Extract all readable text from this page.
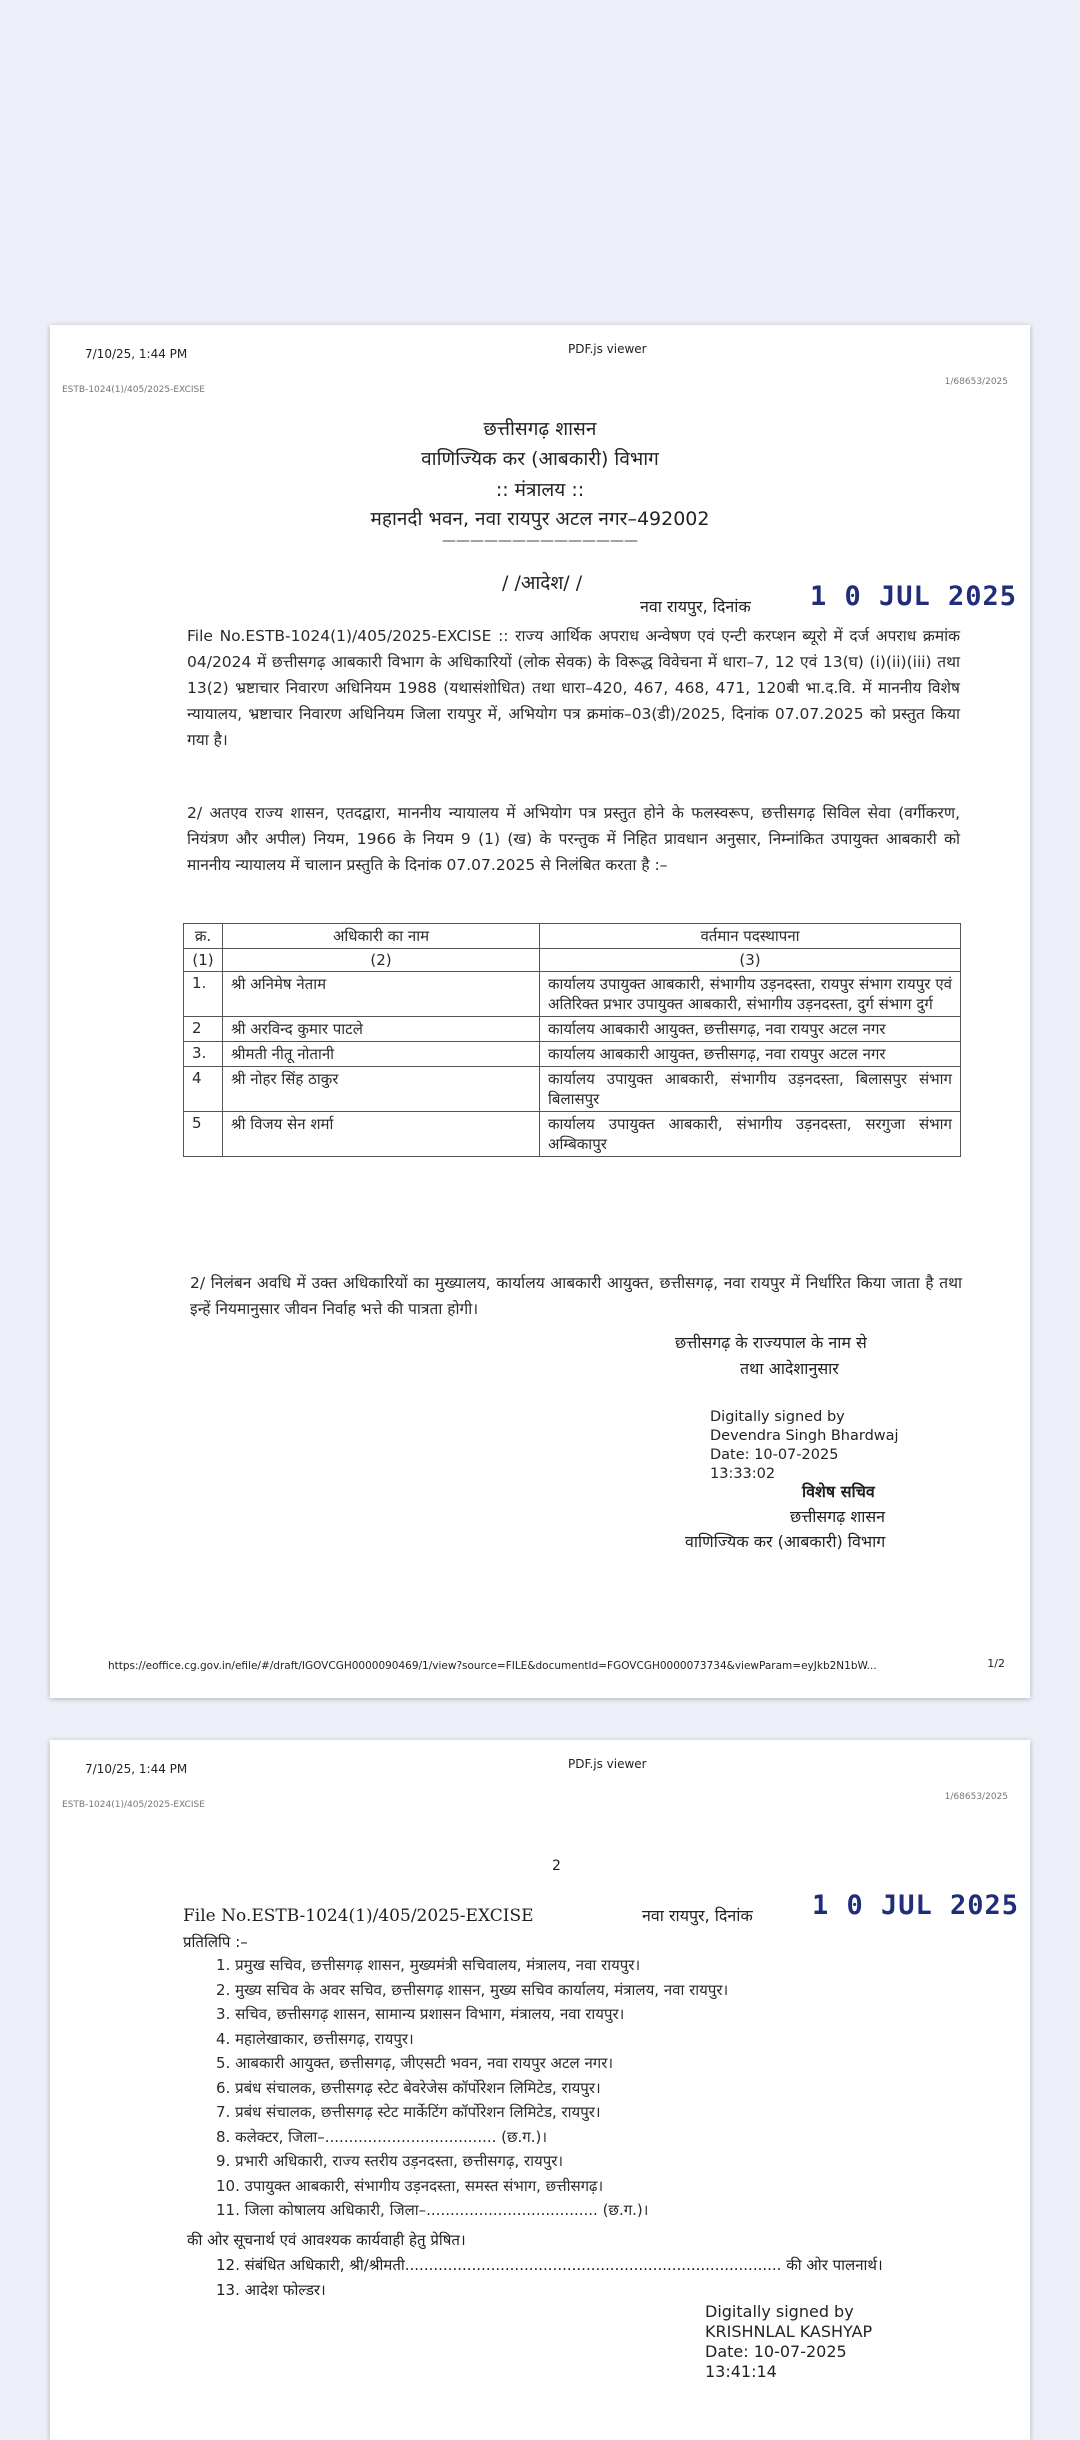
7/10/25, 1:44 PM	PDF.js viewer
ESTB-1024(1)/405/2025-EXCISE
1/68653/2025
छत्तीसगढ़ शासन
वाणिज्यिक कर (आबकारी) विभाग
:: मंत्रालय ::
महानदी भवन, नवा रायपुर अटल नगर–492002
——————————————
/ /आदेश/ /
नवा रायपुर, दिनांक 1 0 JUL 2025
File No.ESTB-1024(1)/405/2025-EXCISE :: राज्य आर्थिक अपराध अन्वेषण एवं एन्टी करप्शन ब्यूरो में दर्ज अपराध क्रमांक 04/2024 में छत्तीसगढ़ आबकारी विभाग के अधिकारियों (लोक सेवक) के विरूद्ध विवेचना में धारा–7, 12 एवं 13(घ) (i)(ii)(iii) तथा 13(2) भ्रष्टाचार निवारण अधिनियम 1988 (यथासंशोधित) तथा धारा–420, 467, 468, 471, 120बी भा.द.वि. में माननीय विशेष न्यायालय, भ्रष्टाचार निवारण अधिनियम जिला रायपुर में, अभियोग पत्र क्रमांक–03(डी)/2025, दिनांक 07.07.2025 को प्रस्तुत किया गया है।
2/ अतएव राज्य शासन, एतदद्वारा, माननीय न्यायालय में अभियोग पत्र प्रस्तुत होने के फलस्वरूप, छत्तीसगढ़ सिविल सेवा (वर्गीकरण, नियंत्रण और अपील) नियम, 1966 के नियम 9 (1) (ख) के परन्तुक में निहित प्रावधान अनुसार, निम्नांकित उपायुक्त आबकारी को माननीय न्यायालय में चालान प्रस्तुति के दिनांक 07.07.2025 से निलंबित करता है :–
क्र.	अधिकारी का नाम	वर्तमान पदस्थापना
(1)	(2)	(3)
1.	श्री अनिमेष नेताम	कार्यालय उपायुक्त आबकारी, संभागीय उड़नदस्ता, रायपुर संभाग रायपुर एवं अतिरिक्त प्रभार उपायुक्त आबकारी, संभागीय उड़नदस्ता, दुर्ग संभाग दुर्ग
2	श्री अरविन्द कुमार पाटले	कार्यालय आबकारी आयुक्त, छत्तीसगढ़, नवा रायपुर अटल नगर
3.	श्रीमती नीतू नोतानी	कार्यालय आबकारी आयुक्त, छत्तीसगढ़, नवा रायपुर अटल नगर
4	श्री नोहर सिंह ठाकुर	कार्यालय उपायुक्त आबकारी, संभागीय उड़नदस्ता, बिलासपुर संभाग बिलासपुर
5	श्री विजय सेन शर्मा	कार्यालय उपायुक्त आबकारी, संभागीय उड़नदस्ता, सरगुजा संभाग अम्बिकापुर
2/ निलंबन अवधि में उक्त अधिकारियों का मुख्यालय, कार्यालय आबकारी आयुक्त, छत्तीसगढ़, नवा रायपुर में निर्धारित किया जाता है तथा इन्हें नियमानुसार जीवन निर्वाह भत्ते की पात्रता होगी।
छत्तीसगढ़ के राज्यपाल के नाम से
तथा आदेशानुसार
Digitally signed by
Devendra Singh Bhardwaj
Date: 10-07-2025
13:33:02
विशेष सचिव
छत्तीसगढ़ शासन
वाणिज्यिक कर (आबकारी) विभाग
https://eoffice.cg.gov.in/efile/#/draft/IGOVCGH0000090469/1/view?source=FILE&documentId=FGOVCGH0000073734&viewParam=eyJkb2N1bW...	1/2
7/10/25, 1:44 PM	PDF.js viewer
ESTB-1024(1)/405/2025-EXCISE
1/68653/2025
2
File No.ESTB-1024(1)/405/2025-EXCISE	नवा रायपुर, दिनांक 1 0 JUL 2025
प्रतिलिपि :–
1. प्रमुख सचिव, छत्तीसगढ़ शासन, मुख्यमंत्री सचिवालय, मंत्रालय, नवा रायपुर।
2. मुख्य सचिव के अवर सचिव, छत्तीसगढ़ शासन, मुख्य सचिव कार्यालय, मंत्रालय, नवा रायपुर।
3. सचिव, छत्तीसगढ़ शासन, सामान्य प्रशासन विभाग, मंत्रालय, नवा रायपुर।
4. महालेखाकार, छत्तीसगढ़, रायपुर।
5. आबकारी आयुक्त, छत्तीसगढ़, जीएसटी भवन, नवा रायपुर अटल नगर।
6. प्रबंध संचालक, छत्तीसगढ़ स्टेट बेवरेजेस कॉर्पोरेशन लिमिटेड, रायपुर।
7. प्रबंध संचालक, छत्तीसगढ़ स्टेट मार्केटिंग कॉर्पोरेशन लिमिटेड, रायपुर।
8. कलेक्टर, जिला–.................................... (छ.ग.)।
9. प्रभारी अधिकारी, राज्य स्तरीय उड़नदस्ता, छत्तीसगढ़, रायपुर।
10. उपायुक्त आबकारी, संभागीय उड़नदस्ता, समस्त संभाग, छत्तीसगढ़।
11. जिला कोषालय अधिकारी, जिला–.................................... (छ.ग.)।
की ओर सूचनार्थ एवं आवश्यक कार्यवाही हेतु प्रेषित।
12. संबंधित अधिकारी, श्री/श्रीमती............................................................................... की ओर पालनार्थ।
13. आदेश फोल्डर।
Digitally signed by
KRISHNLAL KASHYAP
Date: 10-07-2025
13:41:14
